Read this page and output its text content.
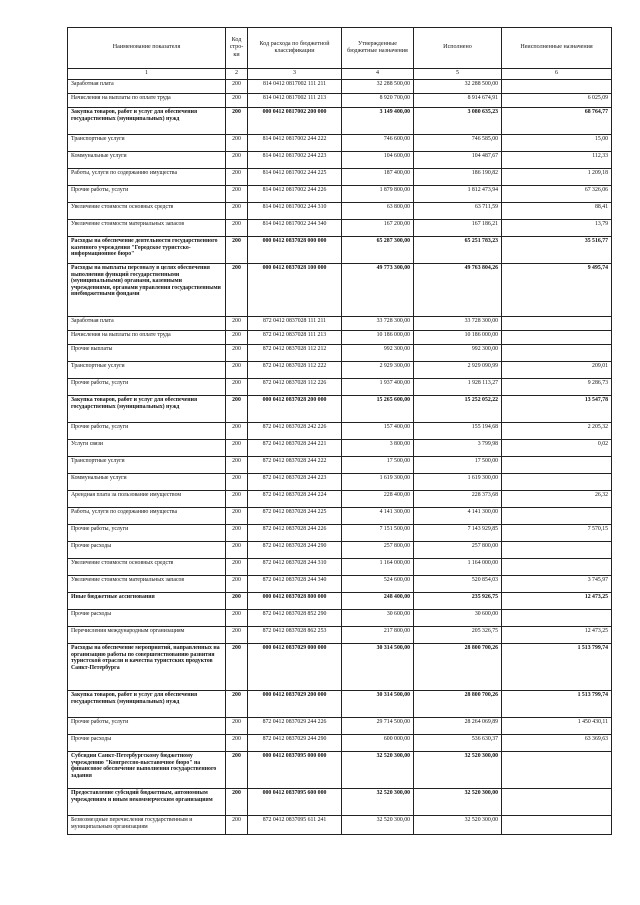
Наименование показателя	Код стро-ки	Код расхода по бюджетной классификации	Утвержденные бюджетные назначения	Исполнено	Неисполненные назначения
1	2	3	4	5	6
Заработная плата	200	814 0412 0817002 111 211	32 288 500,00	32 288 500,00	
Начисления на выплаты по оплате труда	200	814 0412 0817002 111 213	8 920 700,00	8 914 674,91	6 025,09
Закупка товаров, работ и услуг для обеспечения государственных (муниципальных) нужд	200	000 0412 0817002 200 000	3 149 400,00	3 080 635,23	68 764,77
Транспортные услуги	200	814 0412 0817002 244 222	746 600,00	746 585,00	15,00
Коммунальные услуги	200	814 0412 0817002 244 223	104 600,00	104 487,67	112,33
Работы, услуги по содержанию имущества	200	814 0412 0817002 244 225	187 400,00	186 190,82	1 209,18
Прочие работы, услуги	200	814 0412 0817002 244 226	1 879 800,00	1 812 473,94	67 326,06
Увеличение стоимости основных средств	200	814 0412 0817002 244 310	63 800,00	63 711,59	88,41
Увеличение стоимости материальных запасов	200	814 0412 0817002 244 340	167 200,00	167 186,21	13,79
Расходы на обеспечение деятельности государственного казенного учреждения "Городское туристско-информационное бюро"	200	000 0412 0837028 000 000	65 287 300,00	65 251 783,23	35 516,77
Расходы на выплаты персоналу в целях обеспечения выполнения функций государственными (муниципальными) органами, казенными учреждениями, органами управления государственными внебюджетными фондами	200	000 0412 0837028 100 000	49 773 300,00	49 763 804,26	9 495,74
Заработная плата	200	872 0412 0837028 111 211	33 728 300,00	33 728 300,00	
Начисления на выплаты по оплате труда	200	872 0412 0837028 111 213	10 186 000,00	10 186 000,00	
Прочие выплаты	200	872 0412 0837028 112 212	992 300,00	992 300,00	
Транспортные услуги	200	872 0412 0837028 112 222	2 929 300,00	2 929 090,99	209,01
Прочие работы, услуги	200	872 0412 0837028 112 226	1 937 400,00	1 928 113,27	9 286,73
Закупка товаров, работ и услуг для обеспечения государственных (муниципальных) нужд	200	000 0412 0837028 200 000	15 265 600,00	15 252 052,22	13 547,78
Прочие работы, услуги	200	872 0412 0837028 242 226	157 400,00	155 194,68	2 205,32
Услуги связи	200	872 0412 0837028 244 221	3 800,00	3 799,98	0,02
Транспортные услуги	200	872 0412 0837028 244 222	17 500,00	17 500,00	
Коммунальные услуги	200	872 0412 0837028 244 223	1 619 300,00	1 619 300,00	
Арендная плата за пользование имуществом	200	872 0412 0837028 244 224	228 400,00	228 373,68	26,32
Работы, услуги по содержанию имущества	200	872 0412 0837028 244 225	4 141 300,00	4 141 300,00	
Прочие работы, услуги	200	872 0412 0837028 244 226	7 151 500,00	7 143 929,85	7 570,15
Прочие расходы	200	872 0412 0837028 244 290	257 800,00	257 800,00	
Увеличение стоимости основных средств	200	872 0412 0837028 244 310	1 164 000,00	1 164 000,00	
Увеличение стоимости материальных запасов	200	872 0412 0837028 244 340	524 600,00	520 854,03	3 745,97
Иные бюджетные ассигнования	200	000 0412 0837028 800 000	248 400,00	235 926,75	12 473,25
Прочие расходы	200	872 0412 0837028 852 290	30 600,00	30 600,00	
Перечисления международным организациям	200	872 0412 0837028 862 253	217 800,00	205 326,75	12 473,25
Расходы на обеспечение мероприятий, направленных на организацию работы по совершенствованию развития туристской отрасли и качества туристских продуктов Санкт-Петербурга	200	000 0412 0837029 000 000	30 314 500,00	28 800 700,26	1 513 799,74
Закупка товаров, работ и услуг для обеспечения государственных (муниципальных) нужд	200	000 0412 0837029 200 000	30 314 500,00	28 800 700,26	1 513 799,74
Прочие работы, услуги	200	872 0412 0837029 244 226	29 714 500,00	28 264 069,89	1 450 430,11
Прочие расходы	200	872 0412 0837029 244 290	600 000,00	536 630,37	63 369,63
Субсидии Санкт-Петербургскому бюджетному учреждению "Конгрессно-выставочное бюро" на финансовое обеспечение выполнения государственного задания	200	000 0412 0837095 000 000	32 520 300,00	32 520 300,00	
Предоставление субсидий бюджетным, автономным учреждениям и иным некоммерческим организациям	200	000 0412 0837095 600 000	32 520 300,00	32 520 300,00	
Безвозмездные перечисления государственным и муниципальным организациям	200	872 0412 0837095 611 241	32 520 300,00	32 520 300,00	
